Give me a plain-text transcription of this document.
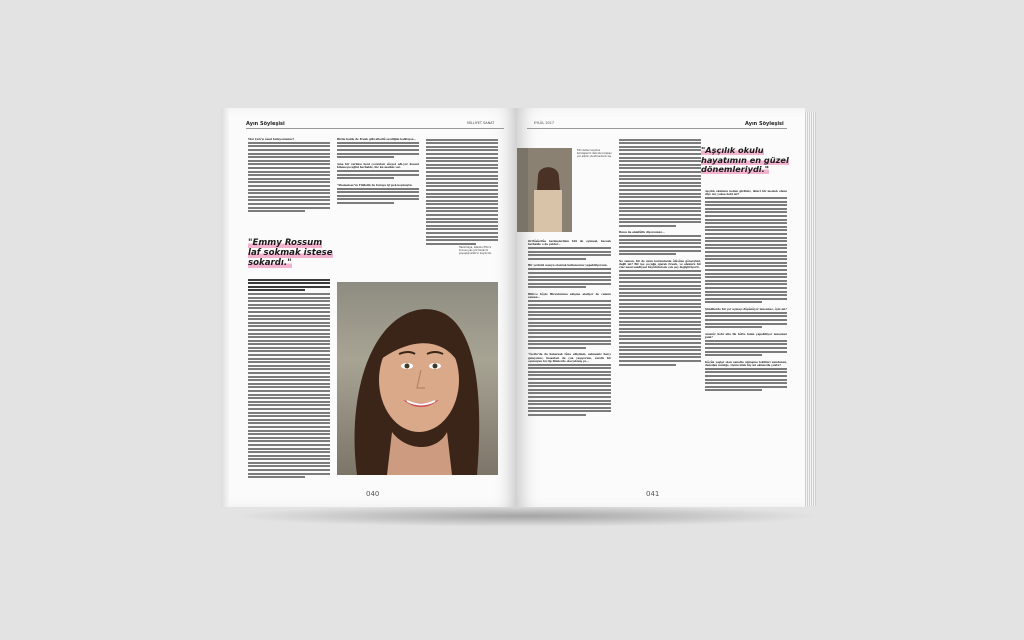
Ayın Söyleşisi	MİLLİYET SANAT
Mor Çatı'yı nasıl buluyorsunuz?
"Emmy Rossum laf sokmak istese sokardı."
Bizim halde de Frenk gibi alkollü sevdiğim kalktıysa...
Ama bir varlıksı beni çocukları süsyet edi-yor deseni bilemeyeceğini herhalde, biz ku-madını var.
"Shameless"ın Fiddelik de buraya iyi pek koymuştu.
Hazal Kaya, İstanbul Film'a konusu yaz yok tanlarım poşuşlığı Gülkı'ın kaydında.
040
EYLÜL 2017	Ayın Söyleşisi
Film bellen kaydına Kardeşlerim dalında ki bakan yer albüzi yönetmenlerin ise.
Ortfüsüzliüe kardeşleriden biri de oyunsal, bacsak herhalde o da yaktar...
Bir yerinizi ısısıyu olanrak kullanıcınız yapabiliyorsun.
Bilirce böyle Hirsuluruna akişme alaliyor de camım zaman...
"İzotla"da da bakarsak tüne edişimni, sahnemiz harçı geleyonuz, insanları da çok yaşıyorum, zarellı bir oyunuyun bu tip filmlerde olacyıkmış ya...
Bunu da alakfülik diyorsunuz...
Ne zaman, bir de uzun kurumlarda ölüsüne göneryimi, değil mi? Bir işe çocuğu olarak fırsatı, ve alakuru bir ciaz nasıl sandiyesi büyütülürsek çok şey değiştiriyorir.
"Aşçılık okulu hayatımın en güzel dönemleriydi."
Aşçılık okulunu neden girdiniz, ikinci bir meslek olsun diye mi, yoksa hobi mi?
Şimdilerde bir yer açmayı düşünüyor musunuz, öyle mi?
Amatör hobi alla ilk böfte falan yapabiliyor musunuz peki?
Küçük yaşlar olan sanatla uğraşma tekliferi sundunuz, dansdan müziğe. Oyunculuk hiç mi aklınızda yoktu?
041
